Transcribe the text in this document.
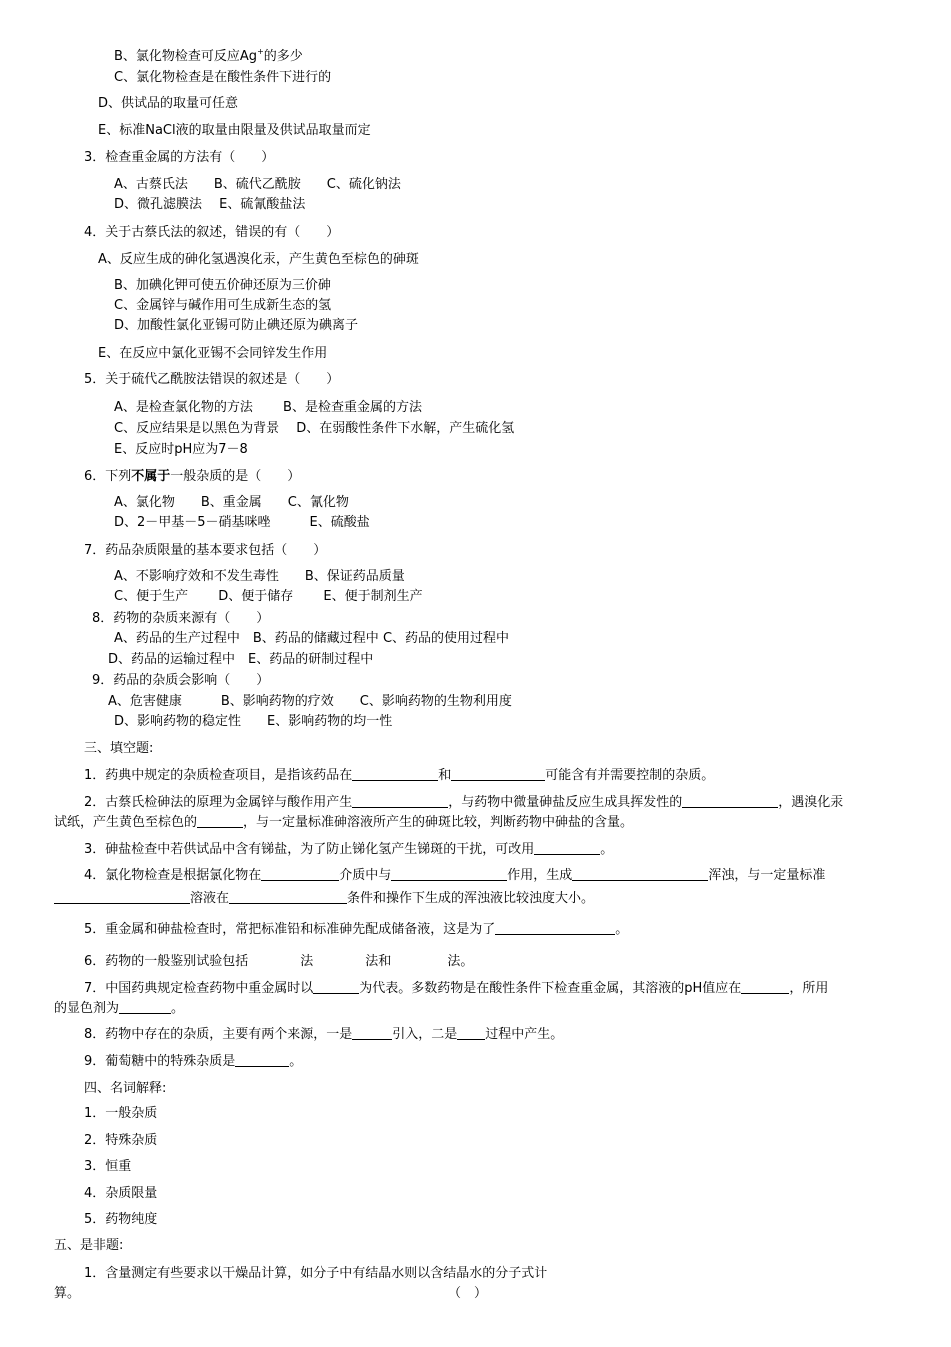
B、氯化物检查可反应Ag+的多少
C、氯化物检查是在酸性条件下进行的
D、供试品的取量可任意
E、标准NaCl液的取量由限量及供试品取量而定
3．检查重金属的方法有（　　）
A、古蔡氏法　　B、硫代乙酰胺　　C、硫化钠法
D、微孔滤膜法　 E、硫氰酸盐法
4．关于古蔡氏法的叙述，错误的有（　　）
A、反应生成的砷化氢遇溴化汞，产生黄色至棕色的砷斑
B、加碘化钾可使五价砷还原为三价砷
C、金属锌与碱作用可生成新生态的氢
D、加酸性氯化亚锡可防止碘还原为碘离子
E、在反应中氯化亚锡不会同锌发生作用
5．关于硫代乙酰胺法错误的叙述是（　　）
A、是检查氯化物的方法　　 B、是检查重金属的方法
C、反应结果是以黑色为背景　 D、在弱酸性条件下水解，产生硫化氢
E、反应时pH应为7－8
6．下列不属于一般杂质的是（　　）
A、氯化物　　B、重金属　　C、氰化物
D、2－甲基－5－硝基咪唑　　　E、硫酸盐
7．药品杂质限量的基本要求包括（　　）
A、不影响疗效和不发生毒性　　B、保证药品质量
C、便于生产　　 D、便于储存　　 E、便于制剂生产
8．药物的杂质来源有（　　）
A、药品的生产过程中　B、药品的储藏过程中 C、药品的使用过程中
D、药品的运输过程中　E、药品的研制过程中
9．药品的杂质会影响（　　）
A、危害健康　　　B、影响药物的疗效　　C、影响药物的生物利用度
D、影响药物的稳定性　　E、影响药物的均一性
三、填空题:
1．药典中规定的杂质检查项目，是指该药品在	和	可能含有并需要控制的杂质。
2．古蔡氏检砷法的原理为金属锌与酸作用产生	，与药物中微量砷盐反应生成具挥发性的	，遇溴化汞
试纸，产生黄色至棕色的	，与一定量标准砷溶液所产生的砷斑比较，判断药物中砷盐的含量。
3．砷盐检查中若供试品中含有锑盐，为了防止锑化氢产生锑斑的干扰，可改用	。
4．氯化物检查是根据氯化物在	介质中与	作用，生成	浑浊，与一定量标准
溶液在	条件和操作下生成的浑浊液比较浊度大小。
5．重金属和砷盐检查时，常把标准铅和标准砷先配成储备液，这是为了	。
6．药物的一般鉴别试验包括	法	法和	法。
7．中国药典规定检查药物中重金属时以	为代表。多数药物是在酸性条件下检查重金属，其溶液的pH值应在	，所用
的显色剂为	。
8．药物中存在的杂质，主要有两个来源，一是	引入，二是 过程中产生。
9．葡萄糖中的特殊杂质是	。
四、名词解释:
1．一般杂质
2．特殊杂质
3．恒重
4．杂质限量
5．药物纯度
五、是非题:
1．含量测定有些要求以干燥品计算，如分子中有结晶水则以含结晶水的分子式计
算。	（　）
